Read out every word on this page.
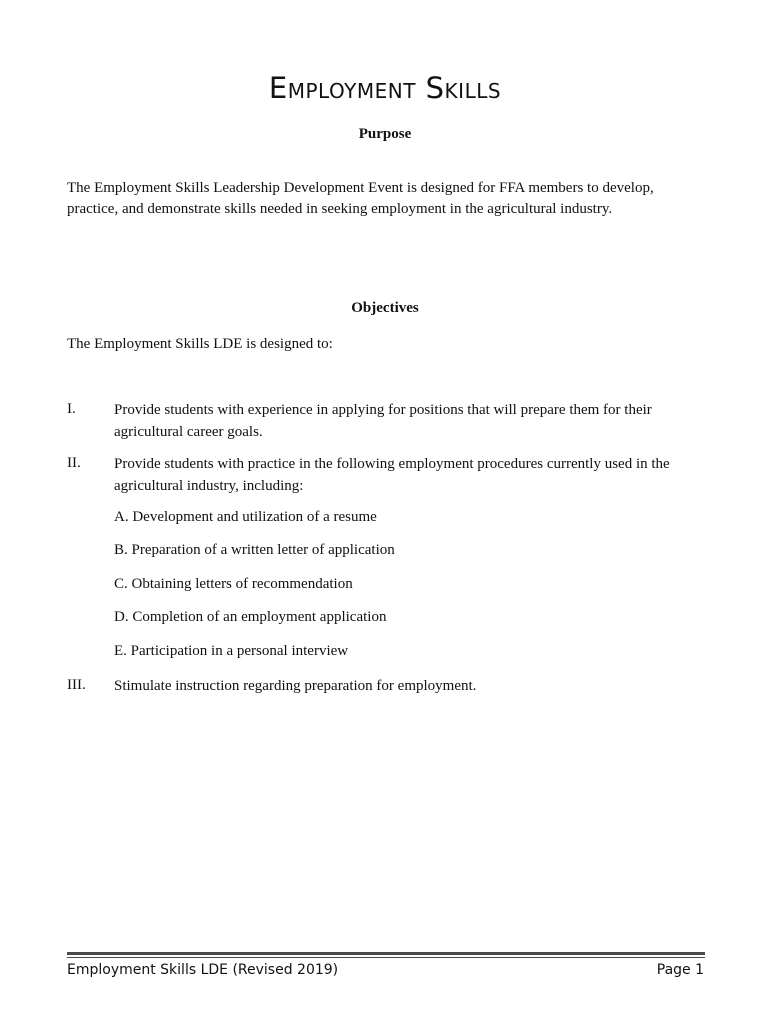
Employment Skills
Purpose
The Employment Skills Leadership Development Event is designed for FFA members to develop, practice, and demonstrate skills needed in seeking employment in the agricultural industry.
Objectives
The Employment Skills LDE is designed to:
I.	Provide students with experience in applying for positions that will prepare them for their agricultural career goals.
II. Provide students with practice in the following employment procedures currently used in the agricultural industry, including:
A. Development and utilization of a resume
B. Preparation of a written letter of application
C. Obtaining letters of recommendation
D. Completion of an employment application
E. Participation in a personal interview
III. Stimulate instruction regarding preparation for employment.
Employment Skills LDE (Revised 2019)	Page 1
